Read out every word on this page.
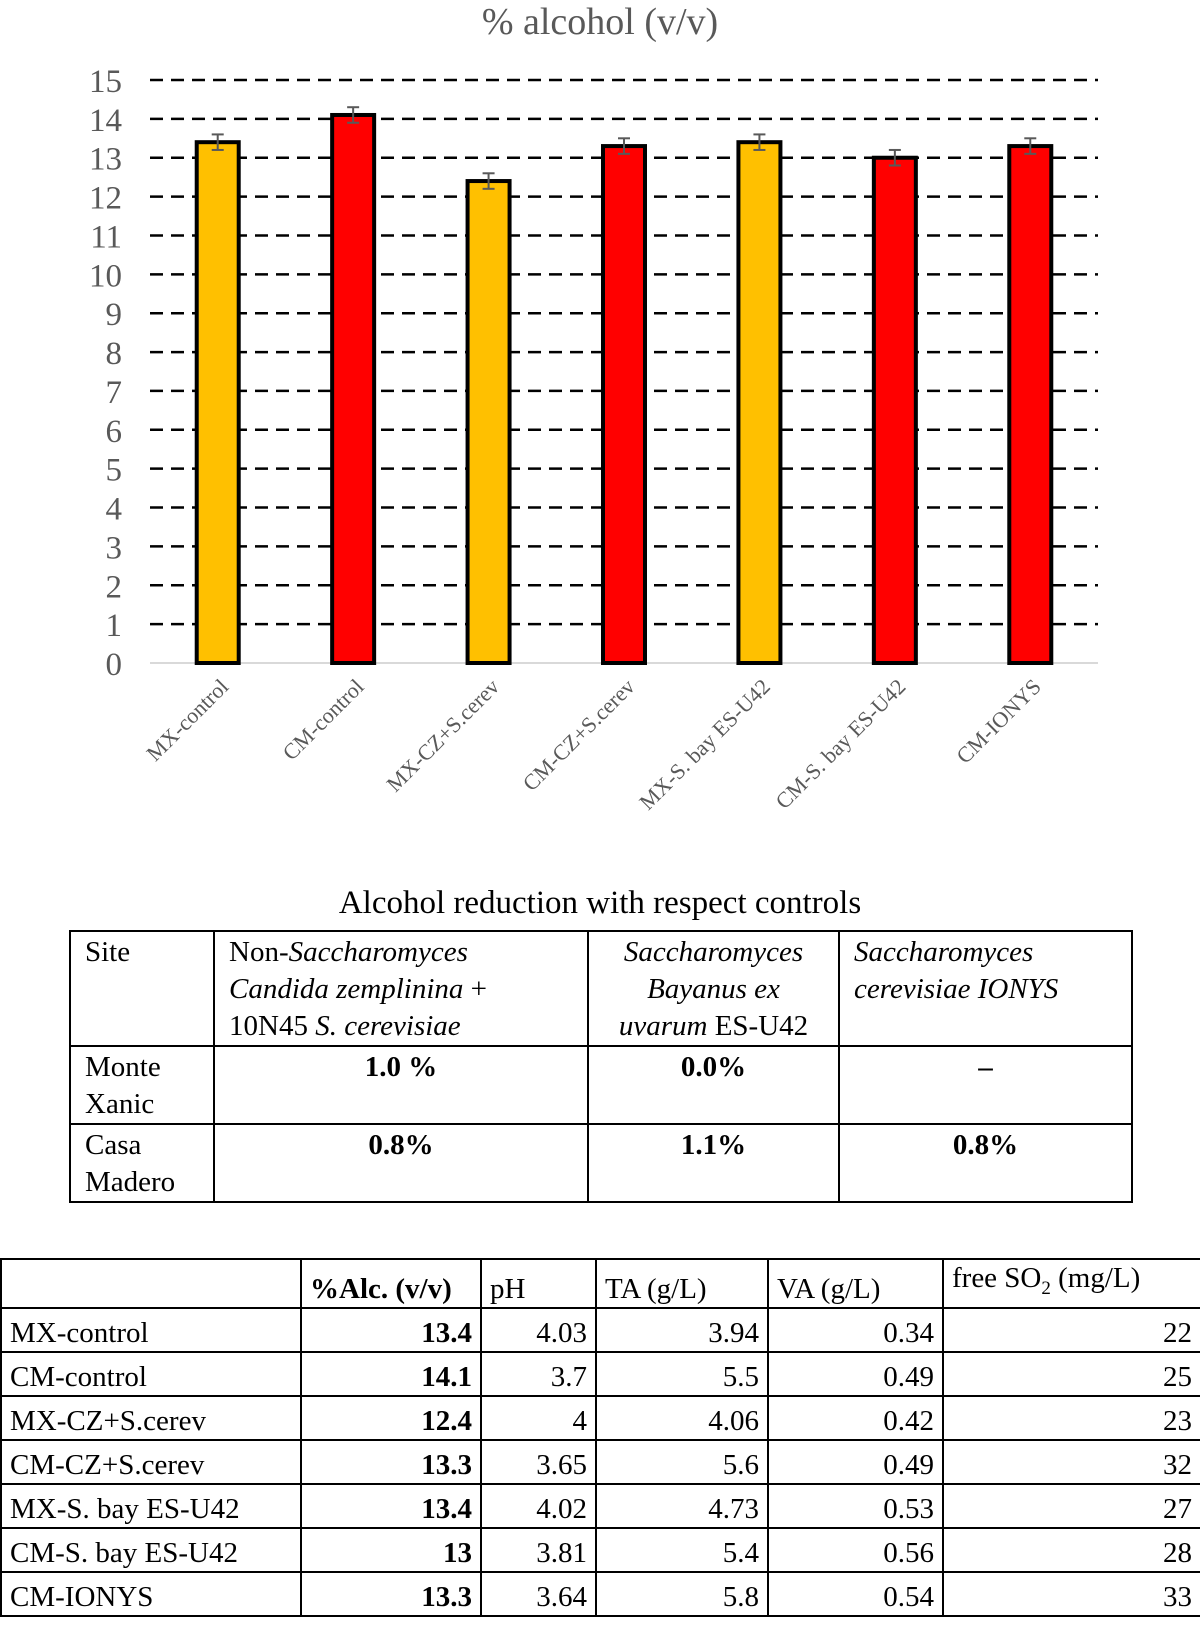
% alcohol (v/v)
0
1
2
3
4
5
6
7
8
9
10
11
12
13
14
15
MX-control CM-control MX-CZ+S.cerev CM-CZ+S.cerev
MX-S. bay ES-U42
CM-S. bay ES-U42 CM-IONYS
Alcohol reduction with respect controls
Site	Non-Saccharomyces
Candida zemplinina +
10N45 S. cerevisiae	Saccharomyces
Bayanus ex
uvarum ES-U42	Saccharomyces
cerevisiae IONYS
Monte
Xanic	1.0 %	0.0%	–
Casa
Madero	0.8%	1.1%	0.8%
	%Alc. (v/v)	pH	TA (g/L)	VA (g/L)	free $SO_2$ (mg/L)
MX-control	13.4	4.03	3.94	0.34	22
CM-control	14.1	3.7	5.5	0.49	25
MX-CZ+S.cerev	12.4	4	4.06	0.42	23
CM-CZ+S.cerev	13.3	3.65	5.6	0.49	32
MX-S. bay ES-U42	13.4	4.02	4.73	0.53	27
CM-S. bay ES-U42	13	3.81	5.4	0.56	28
CM-IONYS	13.3	3.64	5.8	0.54	33
